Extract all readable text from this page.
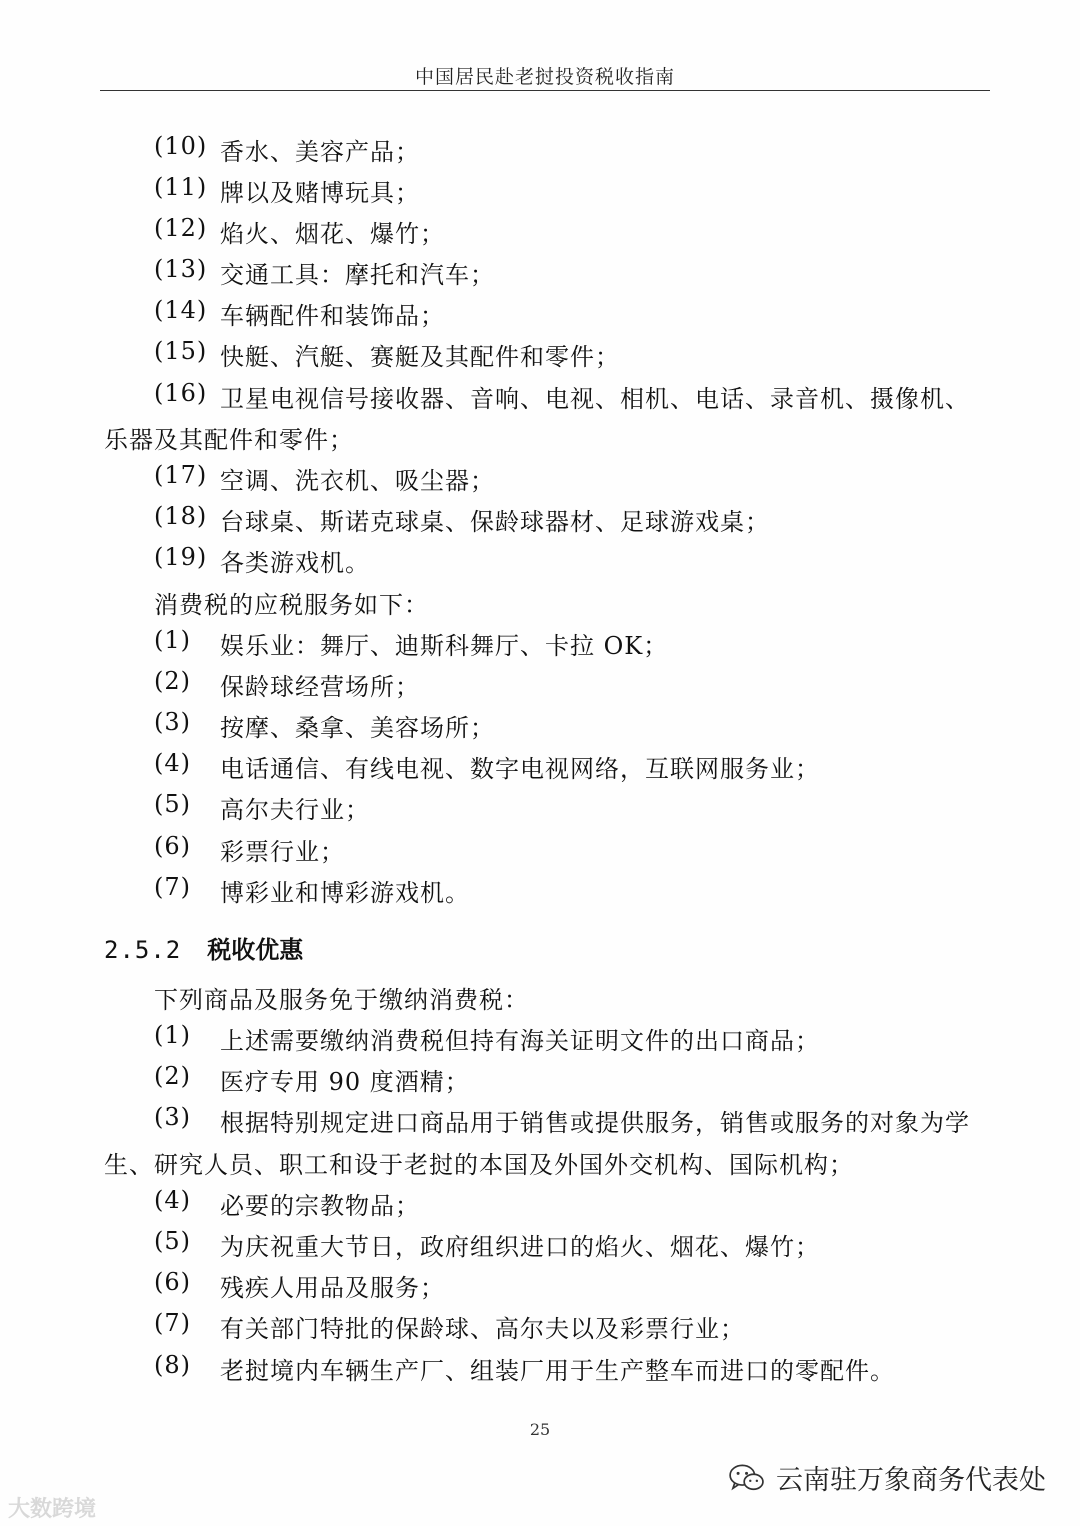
中国居民赴老挝投资税收指南
(10) 香水、美容产品；
(11) 牌以及赌博玩具；
(12) 焰火、烟花、爆竹；
(13) 交通工具：摩托和汽车；
(14) 车辆配件和装饰品；
(15) 快艇、汽艇、赛艇及其配件和零件；
(16) 卫星电视信号接收器、音响、电视、相机、电话、录音机、摄像机、
乐器及其配件和零件；
(17) 空调、洗衣机、吸尘器；
(18) 台球桌、斯诺克球桌、保龄球器材、足球游戏桌；
(19) 各类游戏机。
消费税的应税服务如下：
(1) 娱乐业：舞厅、迪斯科舞厅、卡拉 OK；
(2) 保龄球经营场所；
(3) 按摩、桑拿、美容场所；
(4) 电话通信、有线电视、数字电视网络，互联网服务业；
(5) 高尔夫行业；
(6) 彩票行业；
(7) 博彩业和博彩游戏机。
2.5.2 税收优惠
下列商品及服务免于缴纳消费税：
(1) 上述需要缴纳消费税但持有海关证明文件的出口商品；
(2) 医疗专用 90 度酒精；
(3) 根据特别规定进口商品用于销售或提供服务，销售或服务的对象为学
生、研究人员、职工和设于老挝的本国及外国外交机构、国际机构；
(4) 必要的宗教物品；
(5) 为庆祝重大节日，政府组织进口的焰火、烟花、爆竹；
(6) 残疾人用品及服务；
(7) 有关部门特批的保龄球、高尔夫以及彩票行业；
(8) 老挝境内车辆生产厂、组装厂用于生产整车而进口的零配件。
25
大数跨境
云南驻万象商务代表处
